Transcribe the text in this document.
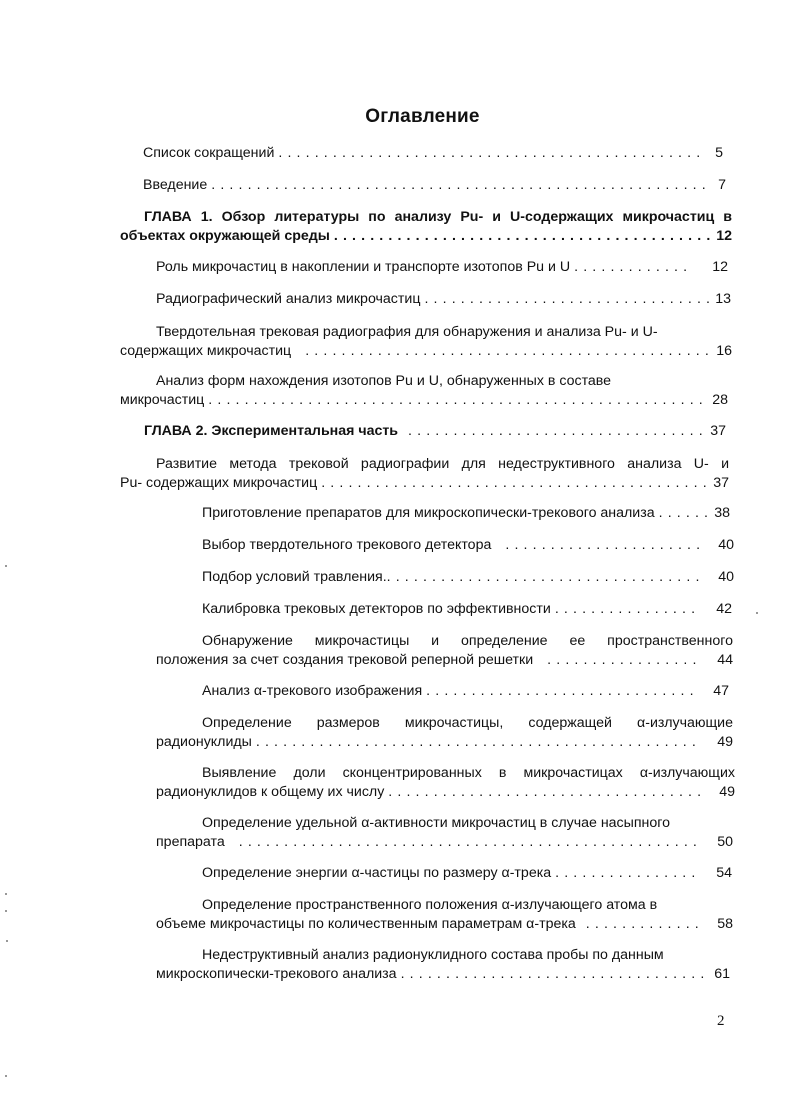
Оглавление
Список сокращений . . .	5
Введение . . .	7
ГЛАВА 1. Обзор литературы по анализу Pu- и U-содержащих микрочастиц в
объектах окружающей среды . . .	12
Роль микрочастиц в накоплении и транспорте изотопов Pu и U . . .	12
Радиографический анализ микрочастиц . . .	13
Твердотельная трековая радиография для обнаружения и анализа Pu- и U-
содержащих микрочастиц . . .	16
Анализ форм нахождения изотопов Pu и U, обнаруженных в составе
микрочастиц . . .	28
ГЛАВА 2. Экспериментальная часть . . .	37
Развитие метода трековой радиографии для недеструктивного анализа U- и
Pu- содержащих микрочастиц . . .	37
Приготовление препаратов для микроскопически-трекового анализа . . .	38
Выбор твердотельного трекового детектора . . .	40
Подбор условий травления. . . .	40
Калибровка трековых детекторов по эффективности . . .	42
Обнаружение микрочастицы и определение ее пространственного
положения за счет создания трековой реперной решетки . . .	44
Анализ α-трекового изображения . . .	47
Определение размеров микрочастицы, содержащей α-излучающие
радионуклиды . . .	49
Выявление доли сконцентрированных в микрочастицах α-излучающих
радионуклидов к общему их числу . . .	49
Определение удельной α-активности микрочастиц в случае насыпного
препарата . . .	50
Определение энергии α-частицы по размеру α-трека . . .	54
Определение пространственного положения α-излучающего атома в
объеме микрочастицы по количественным параметрам α-трека . . .	58
Недеструктивный анализ радионуклидного состава пробы по данным
микроскопически-трекового анализа . . .	61
2
